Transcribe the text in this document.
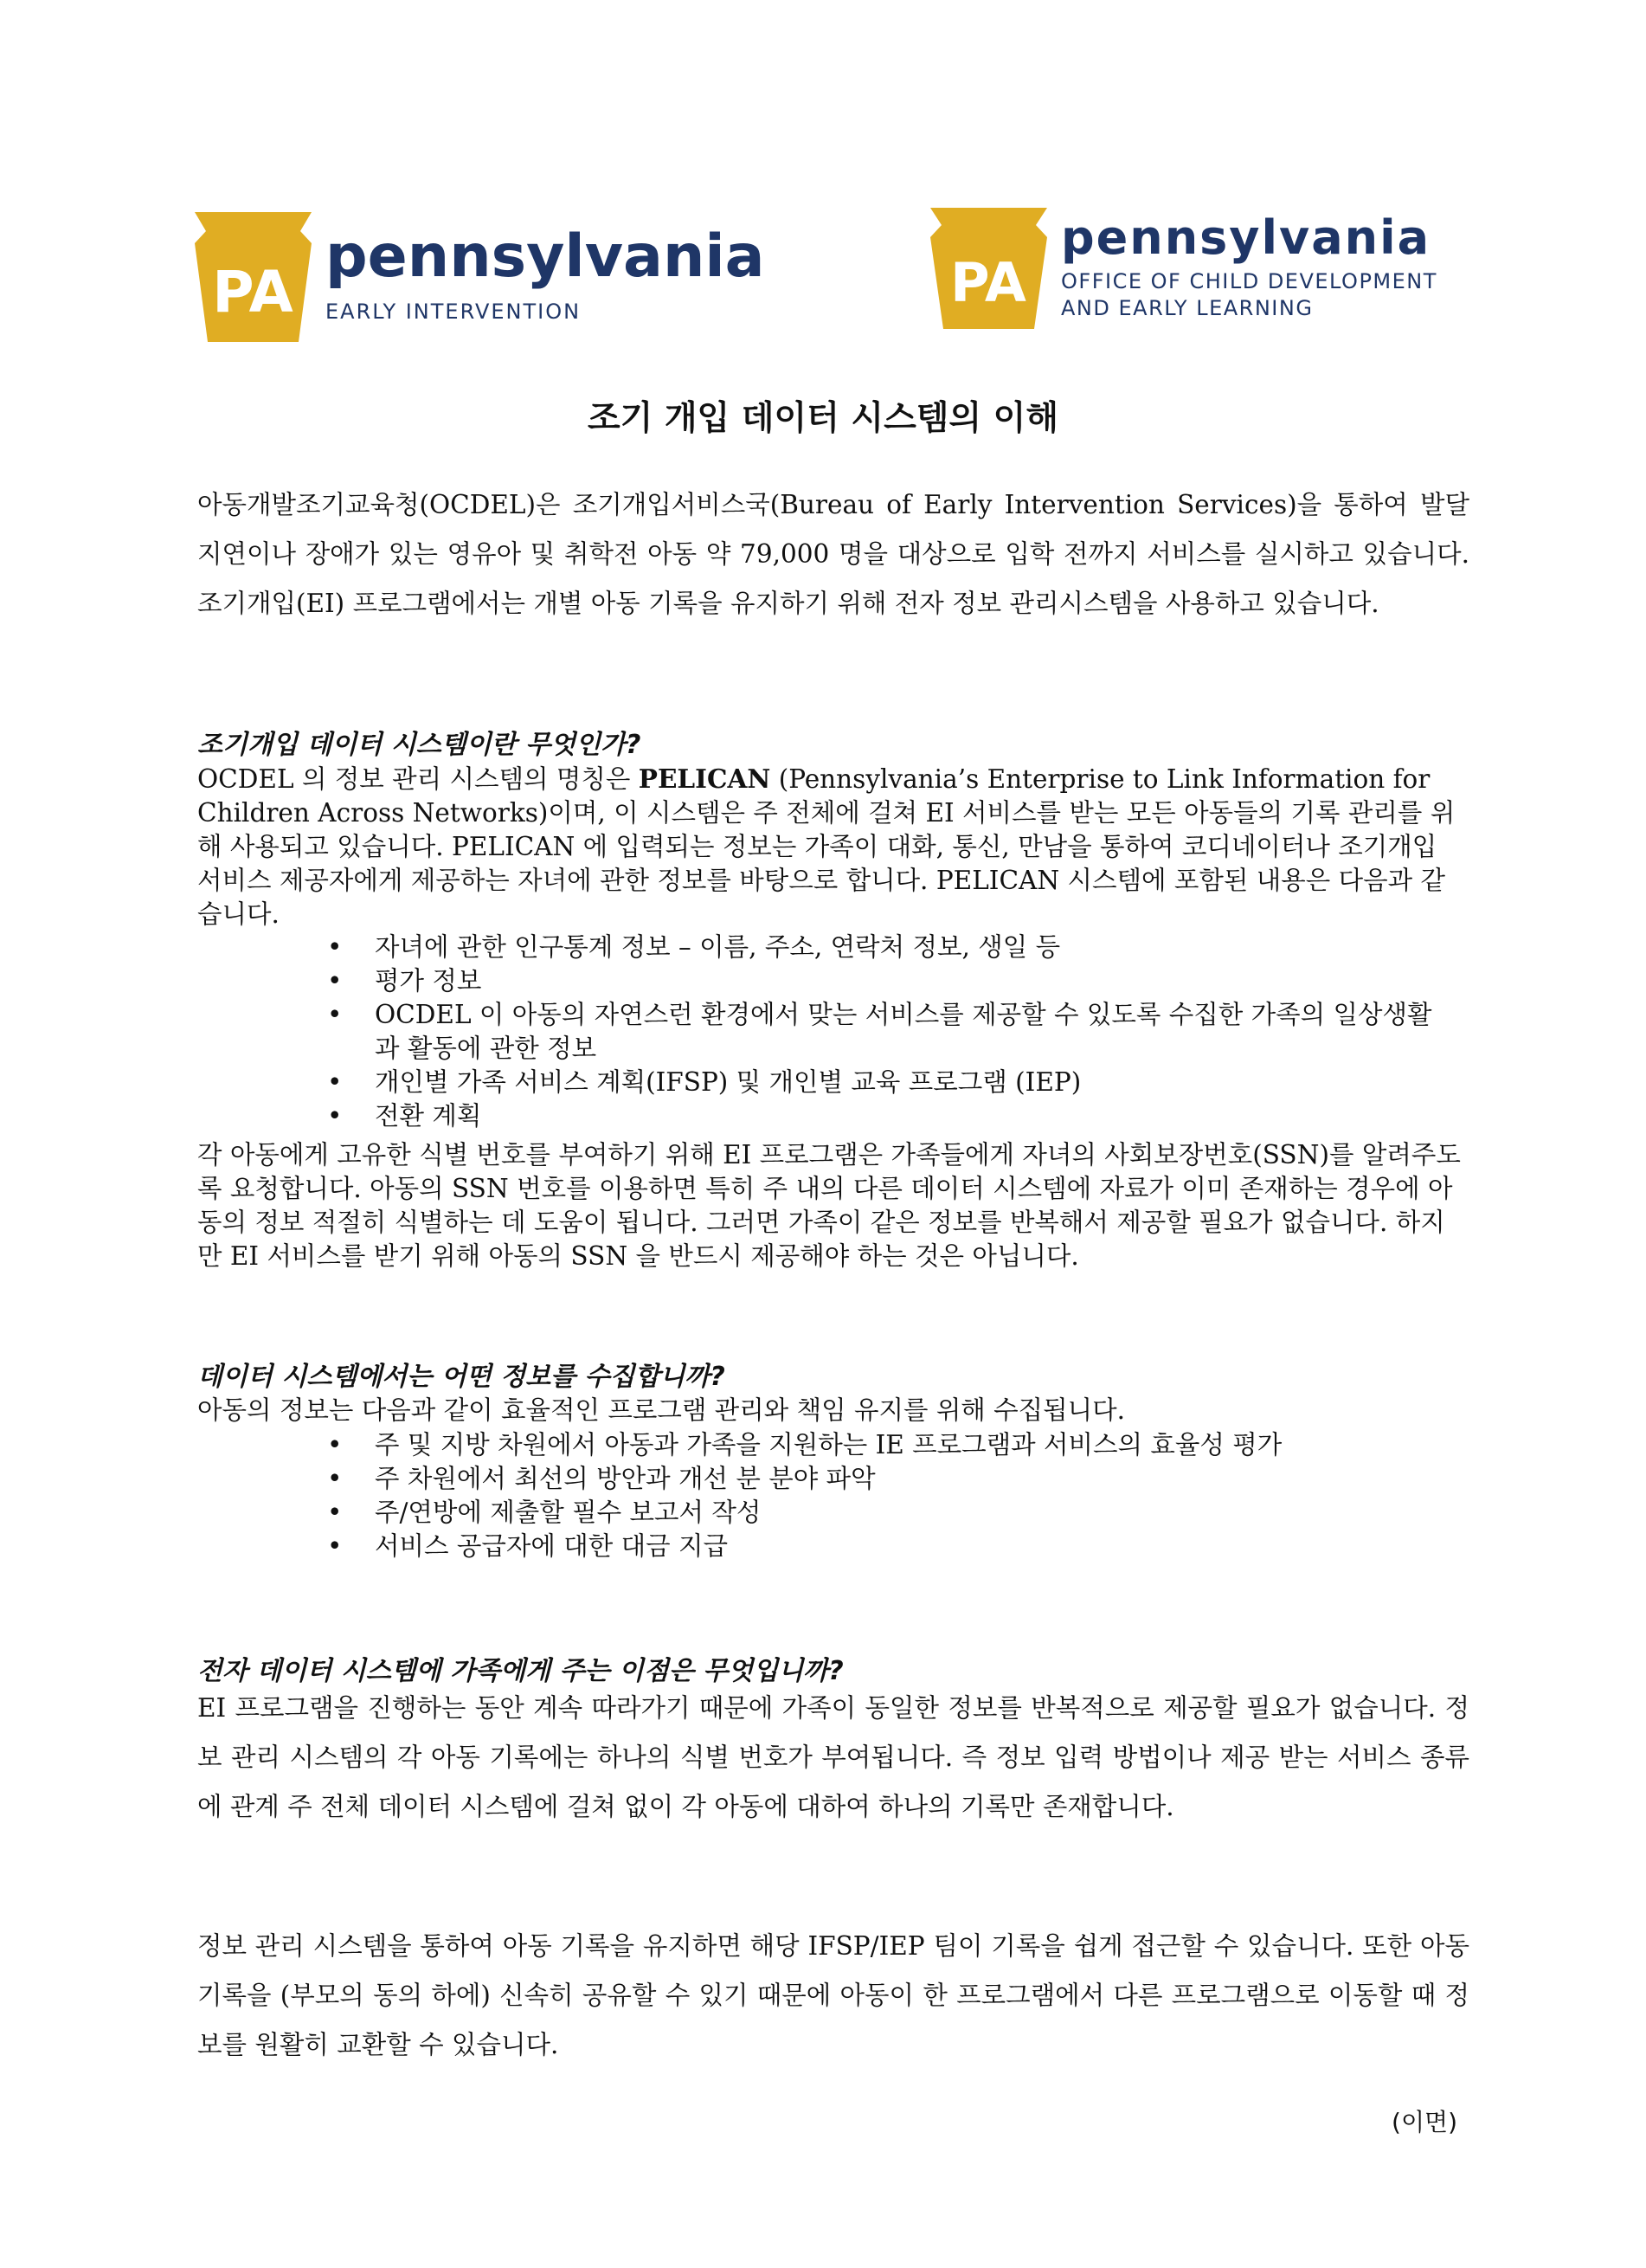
PA
pennsylvania
EARLY INTERVENTION	PA
pennsylvania
OFFICE OF CHILD DEVELOPMENT
AND EARLY LEARNING
조기 개입 데이터 시스템의 이해

아동개발조기교육청(OCDEL)은 조기개입서비스국(Bureau of Early Intervention Services)을 통하여 발달 지연이나 장애가 있는 영유아 및 취학전 아동 약 79,000 명을 대상으로 입학 전까지 서비스를 실시하고 있습니다. 조기개입(EI) 프로그램에서는 개별 아동 기록을 유지하기 위해 전자 정보 관리시스템을 사용하고 있습니다.

조기개입 데이터 시스템이란 무엇인가?

OCDEL 의 정보 관리 시스템의 명칭은 PELICAN (Pennsylvania’s Enterprise to Link Information for Children Across Networks)이며, 이 시스템은 주 전체에 걸쳐 EI 서비스를 받는 모든 아동들의 기록 관리를 위해 사용되고 있습니다. PELICAN 에 입력되는 정보는 가족이 대화, 통신, 만남을 통하여 코디네이터나 조기개입 서비스 제공자에게 제공하는 자녀에 관한 정보를 바탕으로 합니다. PELICAN 시스템에 포함된 내용은 다음과 같습니다.

• 자녀에 관한 인구통계 정보 – 이름, 주소, 연락처 정보, 생일 등
• 평가 정보
• OCDEL 이 아동의 자연스런 환경에서 맞는 서비스를 제공할 수 있도록 수집한 가족의 일상생활과 활동에 관한 정보
• 개인별 가족 서비스 계획(IFSP) 및 개인별 교육 프로그램 (IEP)
• 전환 계획

각 아동에게 고유한 식별 번호를 부여하기 위해 EI 프로그램은 가족들에게 자녀의 사회보장번호(SSN)를 알려주도록 요청합니다. 아동의 SSN 번호를 이용하면 특히 주 내의 다른 데이터 시스템에 자료가 이미 존재하는 경우에 아동의 정보 적절히 식별하는 데 도움이 됩니다. 그러면 가족이 같은 정보를 반복해서 제공할 필요가 없습니다. 하지만 EI 서비스를 받기 위해 아동의 SSN 을 반드시 제공해야 하는 것은 아닙니다.

데이터 시스템에서는 어떤 정보를 수집합니까?

아동의 정보는 다음과 같이 효율적인 프로그램 관리와 책임 유지를 위해 수집됩니다.

• 주 및 지방 차원에서 아동과 가족을 지원하는 IE 프로그램과 서비스의 효율성 평가
• 주 차원에서 최선의 방안과 개선 분 분야 파악
• 주/연방에 제출할 필수 보고서 작성
• 서비스 공급자에 대한 대금 지급
전자 데이터 시스템에 가족에게 주는 이점은 무엇입니까?

EI 프로그램을 진행하는 동안 계속 따라가기 때문에 가족이 동일한 정보를 반복적으로 제공할 필요가 없습니다. 정보 관리 시스템의 각 아동 기록에는 하나의 식별 번호가 부여됩니다. 즉 정보 입력 방법이나 제공 받는 서비스 종류에 관계 주 전체 데이터 시스템에 걸쳐 없이 각 아동에 대하여 하나의 기록만 존재합니다.

정보 관리 시스템을 통하여 아동 기록을 유지하면 해당 IFSP/IEP 팀이 기록을 쉽게 접근할 수 있습니다. 또한 아동 기록을 (부모의 동의 하에) 신속히 공유할 수 있기 때문에 아동이 한 프로그램에서 다른 프로그램으로 이동할 때 정보를 원활히 교환할 수 있습니다.

(이면)
